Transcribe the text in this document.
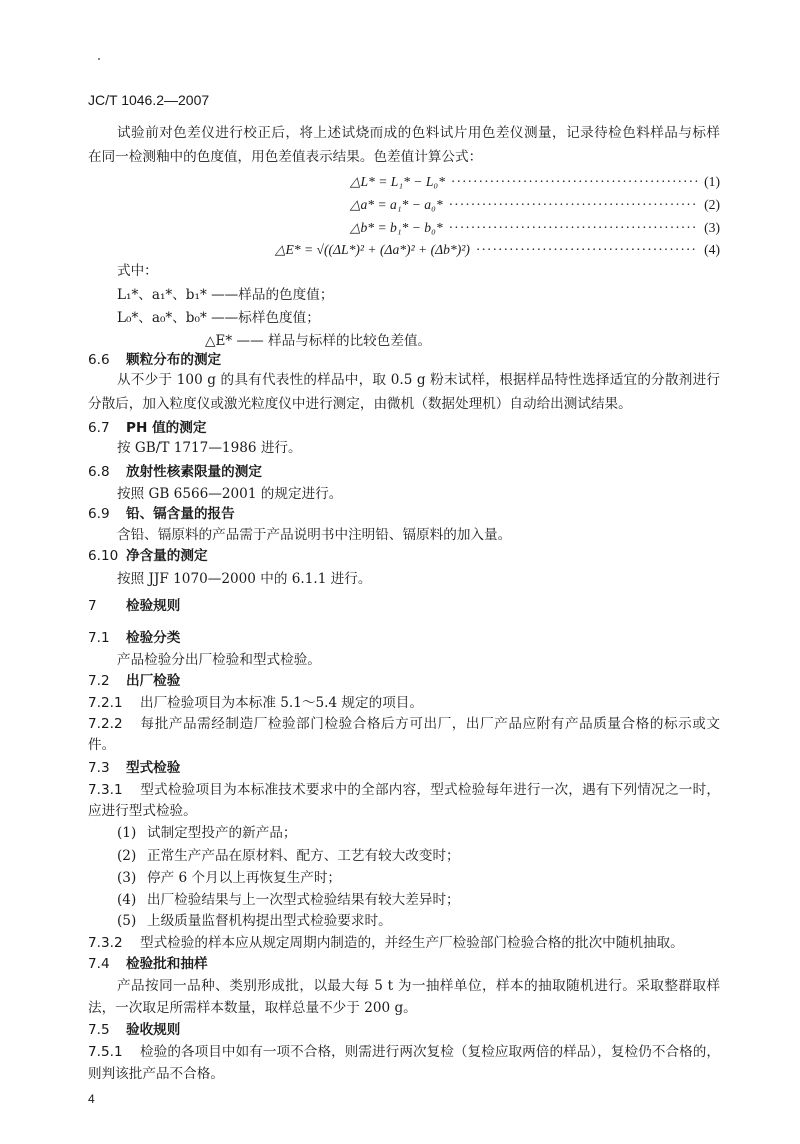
JC/T 1046.2—2007
试验前对色差仪进行校正后，将上述试烧而成的色料试片用色差仪测量，记录待检色料样品与标样
在同一检测釉中的色度值，用色差值表示结果。色差值计算公式：
△L* = L₁* − L₀* ·····	(1)
△a* = a₁* − a₀* ·····	(2)
△b* = b₁* − b₀* ·····	(3)
△E* = √((ΔL*)² + (Δa*)² + (Δb*)²) ·····	(4)
式中：
L₁*、a₁*、b₁* ——样品的色度值；
L₀*、a₀*、b₀* ——标样色度值；
△E* —— 样品与标样的比较色差值。
6.6 颗粒分布的测定
从不少于 100 g 的具有代表性的样品中，取 0.5 g 粉末试样，根据样品特性选择适宜的分散剂进行
分散后，加入粒度仪或激光粒度仪中进行测定，由微机（数据处理机）自动给出测试结果。
6.7 PH 值的测定
按 GB/T 1717—1986 进行。
6.8 放射性核素限量的测定
按照 GB 6566—2001 的规定进行。
6.9 铅、镉含量的报告
含铅、镉原料的产品需于产品说明书中注明铅、镉原料的加入量。
6.10 净含量的测定
按照 JJF 1070—2000 中的 6.1.1 进行。
7 检验规则
7.1 检验分类
产品检验分出厂检验和型式检验。
7.2 出厂检验
7.2.1 出厂检验项目为本标准 5.1～5.4 规定的项目。
7.2.2 每批产品需经制造厂检验部门检验合格后方可出厂，出厂产品应附有产品质量合格的标示或文
件。
7.3 型式检验
7.3.1 型式检验项目为本标准技术要求中的全部内容，型式检验每年进行一次，遇有下列情况之一时，
应进行型式检验。
(1) 试制定型投产的新产品；
(2) 正常生产产品在原材料、配方、工艺有较大改变时；
(3) 停产 6 个月以上再恢复生产时；
(4) 出厂检验结果与上一次型式检验结果有较大差异时；
(5) 上级质量监督机构提出型式检验要求时。
7.3.2 型式检验的样本应从规定周期内制造的，并经生产厂检验部门检验合格的批次中随机抽取。
7.4 检验批和抽样
产品按同一品种、类别形成批，以最大每 5 t 为一抽样单位，样本的抽取随机进行。采取整群取样
法，一次取足所需样本数量，取样总量不少于 200 g。
7.5 验收规则
7.5.1 检验的各项目中如有一项不合格，则需进行两次复检（复检应取两倍的样品），复检仍不合格的，
则判该批产品不合格。
4
